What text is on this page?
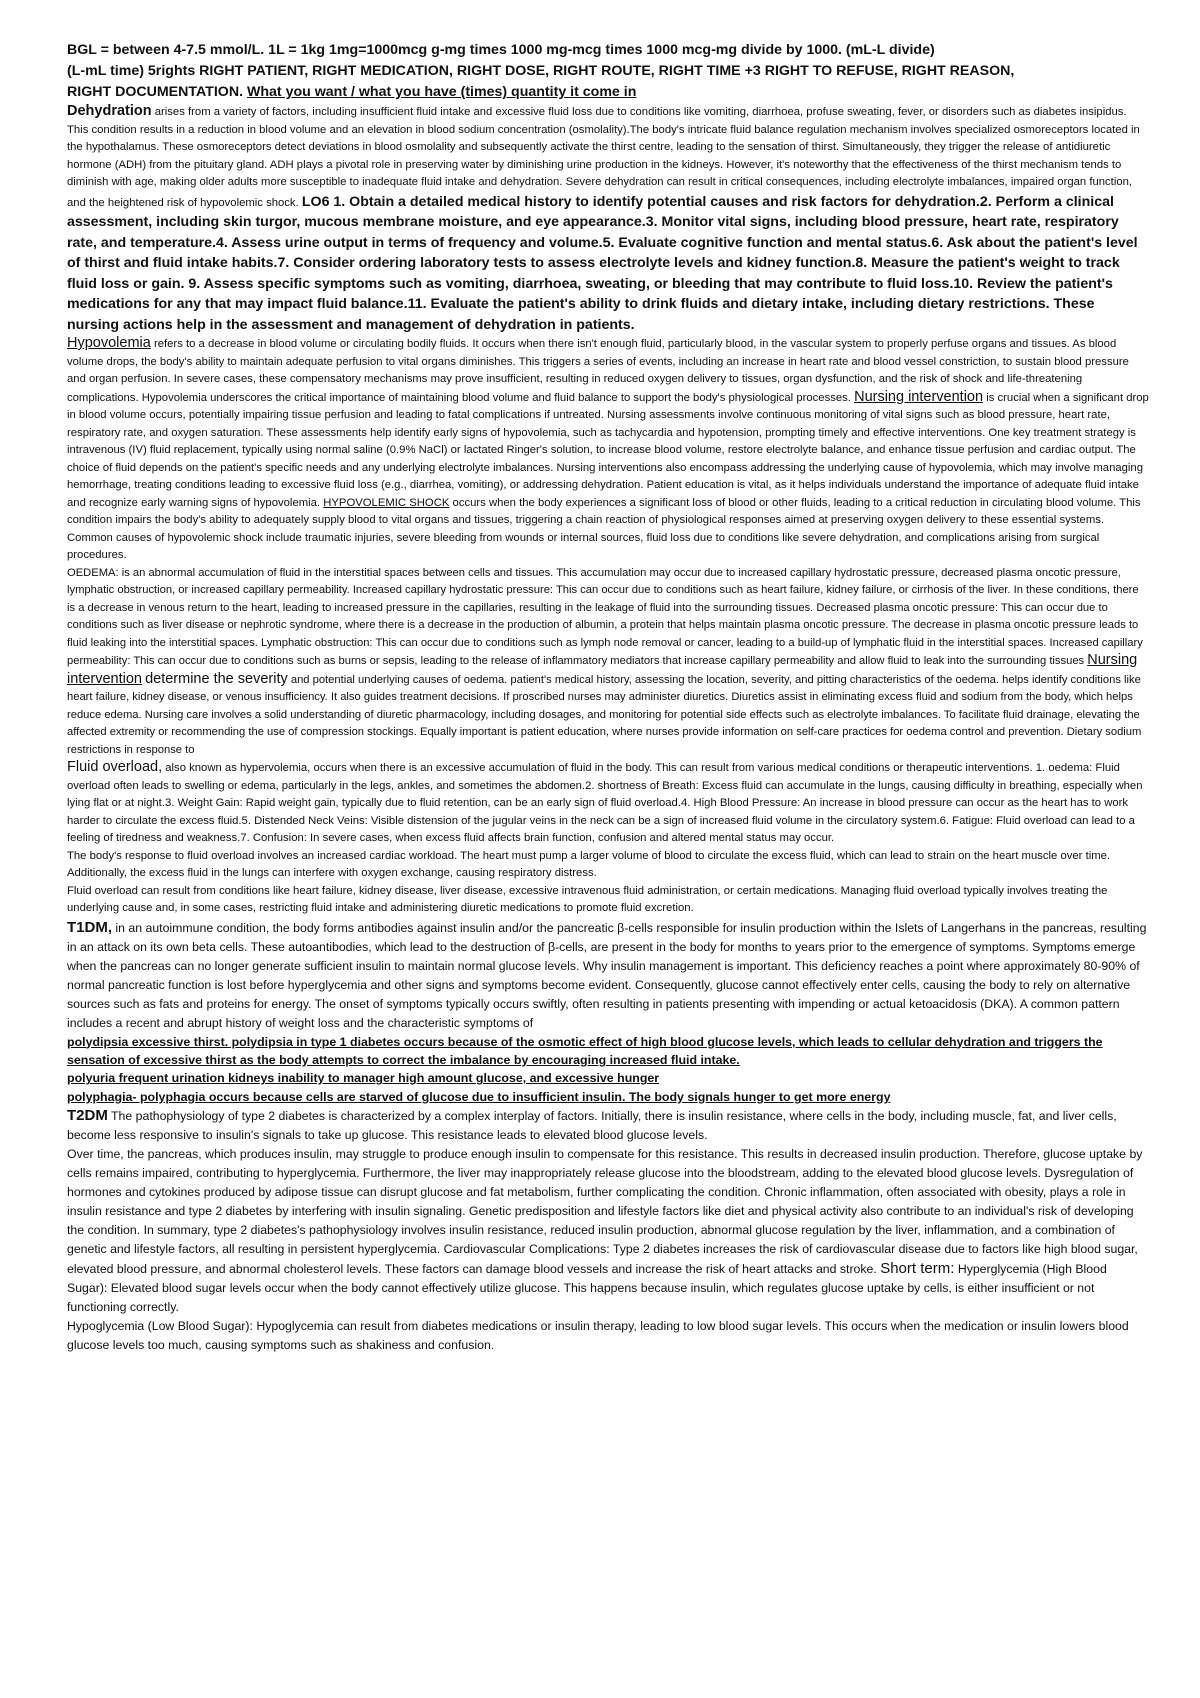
BGL = between 4-7.5 mmol/L. 1L = 1kg 1mg=1000mcg g-mg times 1000 mg-mcg times 1000 mcg-mg divide by 1000. (mL-L divide)
(L-mL time) 5rights RIGHT PATIENT, RIGHT MEDICATION, RIGHT DOSE, RIGHT ROUTE, RIGHT TIME +3 RIGHT TO REFUSE, RIGHT REASON,
RIGHT DOCUMENTATION. What you want / what you have (times) quantity it come in

Dehydration arises from a variety of factors, including insufficient fluid intake and excessive fluid loss due to conditions like vomiting, diarrhoea, profuse sweating, fever, or disorders such as diabetes insipidus. This condition results in a reduction in blood volume and an elevation in blood sodium concentration (osmolality).The body's intricate fluid balance regulation mechanism involves specialized osmoreceptors located in the hypothalamus. These osmoreceptors detect deviations in blood osmolality and subsequently activate the thirst centre, leading to the sensation of thirst. Simultaneously, they trigger the release of antidiuretic hormone (ADH) from the pituitary gland. ADH plays a pivotal role in preserving water by diminishing urine production in the kidneys. However, it's noteworthy that the effectiveness of the thirst mechanism tends to diminish with age, making older adults more susceptible to inadequate fluid intake and dehydration. Severe dehydration can result in critical consequences, including electrolyte imbalances, impaired organ function, and the heightened risk of hypovolemic shock. LO6 1. Obtain a detailed medical history to identify potential causes and risk factors for dehydration.2. Perform a clinical assessment, including skin turgor, mucous membrane moisture, and eye appearance.3. Monitor vital signs, including blood pressure, heart rate, respiratory rate, and temperature.4. Assess urine output in terms of frequency and volume.5. Evaluate cognitive function and mental status.6. Ask about the patient's level of thirst and fluid intake habits.7. Consider ordering laboratory tests to assess electrolyte levels and kidney function.8. Measure the patient's weight to track fluid loss or gain. 9. Assess specific symptoms such as vomiting, diarrhoea, sweating, or bleeding that may contribute to fluid loss.10. Review the patient's medications for any that may impact fluid balance.11. Evaluate the patient's ability to drink fluids and dietary intake, including dietary restrictions. These nursing actions help in the assessment and management of dehydration in patients.

Hypovolemia refers to a decrease in blood volume or circulating bodily fluids. It occurs when there isn't enough fluid, particularly blood, in the vascular system to properly perfuse organs and tissues. As blood volume drops, the body's ability to maintain adequate perfusion to vital organs diminishes. This triggers a series of events, including an increase in heart rate and blood vessel constriction, to sustain blood pressure and organ perfusion. In severe cases, these compensatory mechanisms may prove insufficient, resulting in reduced oxygen delivery to tissues, organ dysfunction, and the risk of shock and life-threatening complications. Hypovolemia underscores the critical importance of maintaining blood volume and fluid balance to support the body's physiological processes. Nursing intervention is crucial when a significant drop in blood volume occurs, potentially impairing tissue perfusion and leading to fatal complications if untreated. Nursing assessments involve continuous monitoring of vital signs such as blood pressure, heart rate, respiratory rate, and oxygen saturation. These assessments help identify early signs of hypovolemia, such as tachycardia and hypotension, prompting timely and effective interventions. One key treatment strategy is intravenous (IV) fluid replacement, typically using normal saline (0.9% NaCl) or lactated Ringer's solution, to increase blood volume, restore electrolyte balance, and enhance tissue perfusion and cardiac output. The choice of fluid depends on the patient's specific needs and any underlying electrolyte imbalances. Nursing interventions also encompass addressing the underlying cause of hypovolemia, which may involve managing hemorrhage, treating conditions leading to excessive fluid loss (e.g., diarrhea, vomiting), or addressing dehydration. Patient education is vital, as it helps individuals understand the importance of adequate fluid intake and recognize early warning signs of hypovolemia. HYPOVOLEMIC SHOCK occurs when the body experiences a significant loss of blood or other fluids, leading to a critical reduction in circulating blood volume. This condition impairs the body's ability to adequately supply blood to vital organs and tissues, triggering a chain reaction of physiological responses aimed at preserving oxygen delivery to these essential systems. Common causes of hypovolemic shock include traumatic injuries, severe bleeding from wounds or internal sources, fluid loss due to conditions like severe dehydration, and complications arising from surgical procedures.

OEDEMA: is an abnormal accumulation of fluid in the interstitial spaces between cells and tissues. This accumulation may occur due to increased capillary hydrostatic pressure, decreased plasma oncotic pressure, lymphatic obstruction, or increased capillary permeability. Increased capillary hydrostatic pressure: This can occur due to conditions such as heart failure, kidney failure, or cirrhosis of the liver. In these conditions, there is a decrease in venous return to the heart, leading to increased pressure in the capillaries, resulting in the leakage of fluid into the surrounding tissues. Decreased plasma oncotic pressure: This can occur due to conditions such as liver disease or nephrotic syndrome, where there is a decrease in the production of albumin, a protein that helps maintain plasma oncotic pressure. The decrease in plasma oncotic pressure leads to fluid leaking into the interstitial spaces. Lymphatic obstruction: This can occur due to conditions such as lymph node removal or cancer, leading to a build-up of lymphatic fluid in the interstitial spaces. Increased capillary permeability: This can occur due to conditions such as burns or sepsis, leading to the release of inflammatory mediators that increase capillary permeability and allow fluid to leak into the surrounding tissues Nursing intervention determine the severity and potential underlying causes of oedema. patient's medical history, assessing the location, severity, and pitting characteristics of the oedema. helps identify conditions like heart failure, kidney disease, or venous insufficiency. It also guides treatment decisions. If proscribed nurses may administer diuretics. Diuretics assist in eliminating excess fluid and sodium from the body, which helps reduce edema. Nursing care involves a solid understanding of diuretic pharmacology, including dosages, and monitoring for potential side effects such as electrolyte imbalances. To facilitate fluid drainage, elevating the affected extremity or recommending the use of compression stockings. Equally important is patient education, where nurses provide information on self-care practices for oedema control and prevention. Dietary sodium restrictions in response to

Fluid overload, also known as hypervolemia, occurs when there is an excessive accumulation of fluid in the body. This can result from various medical conditions or therapeutic interventions. 1. oedema: Fluid overload often leads to swelling or edema, particularly in the legs, ankles, and sometimes the abdomen.2. shortness of Breath: Excess fluid can accumulate in the lungs, causing difficulty in breathing, especially when lying flat or at night.3. Weight Gain: Rapid weight gain, typically due to fluid retention, can be an early sign of fluid overload.4. High Blood Pressure: An increase in blood pressure can occur as the heart has to work harder to circulate the excess fluid.5. Distended Neck Veins: Visible distension of the jugular veins in the neck can be a sign of increased fluid volume in the circulatory system.6. Fatigue: Fluid overload can lead to a feeling of tiredness and weakness.7. Confusion: In severe cases, when excess fluid affects brain function, confusion and altered mental status may occur.

The body's response to fluid overload involves an increased cardiac workload. The heart must pump a larger volume of blood to circulate the excess fluid, which can lead to strain on the heart muscle over time. Additionally, the excess fluid in the lungs can interfere with oxygen exchange, causing respiratory distress.

Fluid overload can result from conditions like heart failure, kidney disease, liver disease, excessive intravenous fluid administration, or certain medications. Managing fluid overload typically involves treating the underlying cause and, in some cases, restricting fluid intake and administering diuretic medications to promote fluid excretion.

T1DM, in an autoimmune condition, the body forms antibodies against insulin and/or the pancreatic β-cells responsible for insulin production within the Islets of Langerhans in the pancreas, resulting in an attack on its own beta cells. These autoantibodies, which lead to the destruction of β-cells, are present in the body for months to years prior to the emergence of symptoms. Symptoms emerge when the pancreas can no longer generate sufficient insulin to maintain normal glucose levels. Why insulin management is important. This deficiency reaches a point where approximately 80-90% of normal pancreatic function is lost before hyperglycemia and other signs and symptoms become evident. Consequently, glucose cannot effectively enter cells, causing the body to rely on alternative sources such as fats and proteins for energy. The onset of symptoms typically occurs swiftly, often resulting in patients presenting with impending or actual ketoacidosis (DKA). A common pattern includes a recent and abrupt history of weight loss and the characteristic symptoms of

polydipsia excessive thirst. polydipsia in type 1 diabetes occurs because of the osmotic effect of high blood glucose levels, which leads to cellular dehydration and triggers the sensation of excessive thirst as the body attempts to correct the imbalance by encouraging increased fluid intake.
polyuria frequent urination kidneys inability to manager high amount glucose, and excessive hunger
polyphagia- polyphagia occurs because cells are starved of glucose due to insufficient insulin. The body signals hunger to get more energy

T2DM The pathophysiology of type 2 diabetes is characterized by a complex interplay of factors. Initially, there is insulin resistance, where cells in the body, including muscle, fat, and liver cells, become less responsive to insulin's signals to take up glucose. This resistance leads to elevated blood glucose levels.

Over time, the pancreas, which produces insulin, may struggle to produce enough insulin to compensate for this resistance. This results in decreased insulin production. Therefore, glucose uptake by cells remains impaired, contributing to hyperglycemia. Furthermore, the liver may inappropriately release glucose into the bloodstream, adding to the elevated blood glucose levels. Dysregulation of hormones and cytokines produced by adipose tissue can disrupt glucose and fat metabolism, further complicating the condition. Chronic inflammation, often associated with obesity, plays a role in insulin resistance and type 2 diabetes by interfering with insulin signaling. Genetic predisposition and lifestyle factors like diet and physical activity also contribute to an individual's risk of developing the condition. In summary, type 2 diabetes's pathophysiology involves insulin resistance, reduced insulin production, abnormal glucose regulation by the liver, inflammation, and a combination of genetic and lifestyle factors, all resulting in persistent hyperglycemia. Cardiovascular Complications: Type 2 diabetes increases the risk of cardiovascular disease due to factors like high blood sugar, elevated blood pressure, and abnormal cholesterol levels. These factors can damage blood vessels and increase the risk of heart attacks and stroke. Short term: Hyperglycemia (High Blood Sugar): Elevated blood sugar levels occur when the body cannot effectively utilize glucose. This happens because insulin, which regulates glucose uptake by cells, is either insufficient or not functioning correctly.

Hypoglycemia (Low Blood Sugar): Hypoglycemia can result from diabetes medications or insulin therapy, leading to low blood sugar levels. This occurs when the medication or insulin lowers blood glucose levels too much, causing symptoms such as shakiness and confusion.
